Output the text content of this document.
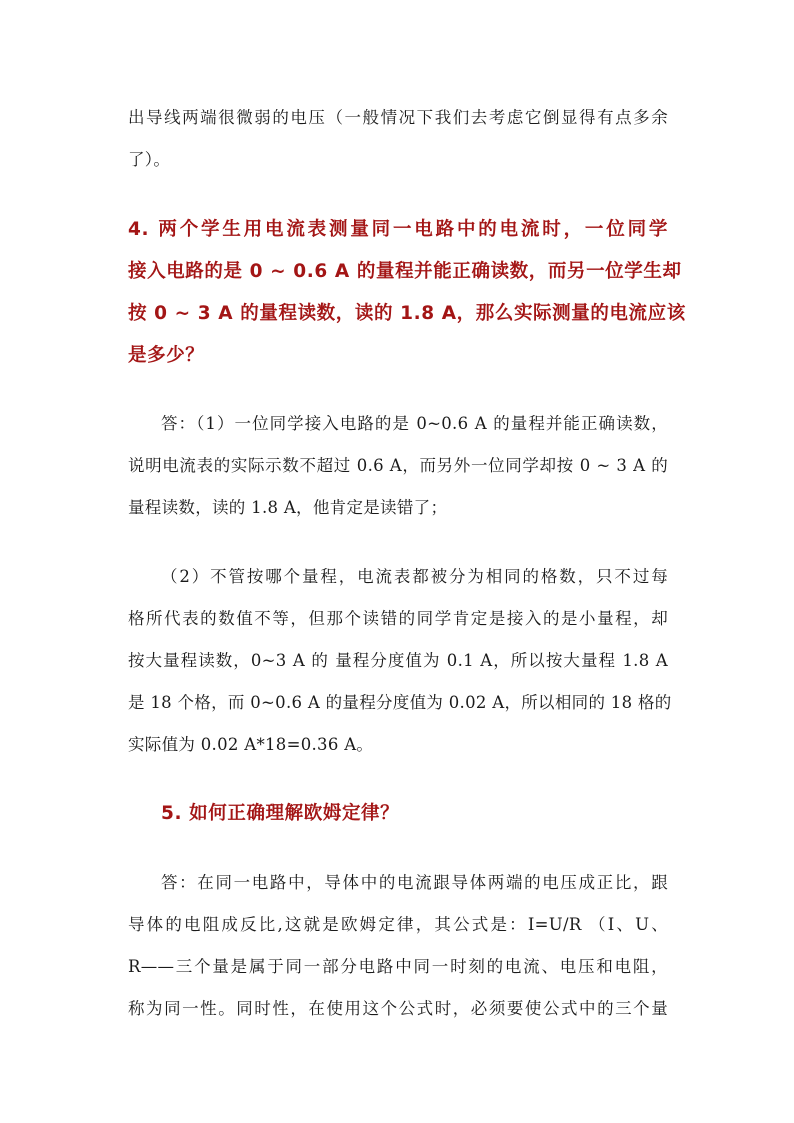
出导线两端很微弱的电压（一般情况下我们去考虑它倒显得有点多余
了）。
4. 两个学生用电流表测量同一电路中的电流时，一位同学
接入电路的是 0 ~ 0.6 A 的量程并能正确读数，而另一位学生却
按 0 ~ 3 A 的量程读数，读的 1.8 A，那么实际测量的电流应该
是多少？
答：（1）一位同学接入电路的是 0~0.6 A 的量程并能正确读数，
说明电流表的实际示数不超过 0.6 A，而另外一位同学却按 0 ~ 3 A 的
量程读数，读的 1.8 A，他肯定是读错了；
（2）不管按哪个量程，电流表都被分为相同的格数，只不过每
格所代表的数值不等，但那个读错的同学肯定是接入的是小量程，却
按大量程读数，0~3 A 的 量程分度值为 0.1 A，所以按大量程 1.8 A
是 18 个格，而 0~0.6 A 的量程分度值为 0.02 A，所以相同的 18 格的
实际值为 0.02 A*18=0.36 A。
5. 如何正确理解欧姆定律？
答：在同一电路中，导体中的电流跟导体两端的电压成正比，跟
导体的电阻成反比,这就是欧姆定律，其公式是：I=U/R （I、U、
R——三个量是属于同一部分电路中同一时刻的电流、电压和电阻，
称为同一性。同时性，在使用这个公式时，必须要使公式中的三个量
